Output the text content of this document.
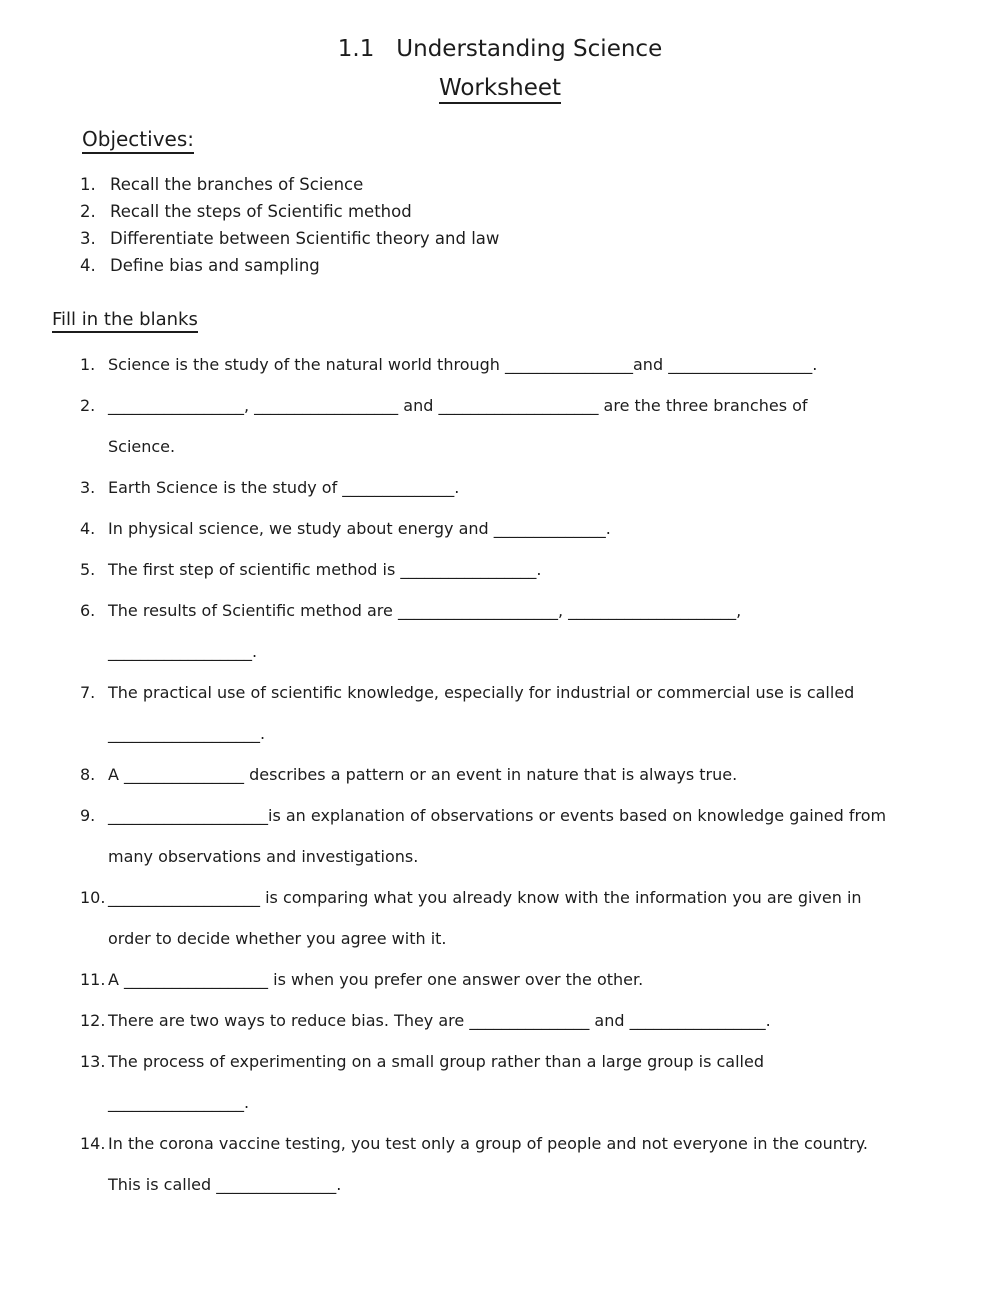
1.1   Understanding Science
Worksheet
Objectives:
1. Recall the branches of Science
2. Recall the steps of Scientific method
3. Differentiate between Scientific theory and law
4. Define bias and sampling
Fill in the blanks
1. Science is the study of the natural world through ________________and __________________.
2. _________________, __________________ and ____________________ are the three branches of
Science.
3. Earth Science is the study of ______________.
4. In physical science, we study about energy and ______________.
5. The first step of scientific method is _________________.
6. The results of Scientific method are ____________________, _____________________,
__________________.
7. The practical use of scientific knowledge, especially for industrial or commercial use is called
___________________.
8. A _______________ describes a pattern or an event in nature that is always true.
9. ____________________is an explanation of observations or events based on knowledge gained from
many observations and investigations.
10. ___________________ is comparing what you already know with the information you are given in
order to decide whether you agree with it.
11. A __________________ is when you prefer one answer over the other.
12. There are two ways to reduce bias. They are _______________ and _________________.
13. The process of experimenting on a small group rather than a large group is called
_________________.
14. In the corona vaccine testing, you test only a group of people and not everyone in the country.
This is called _______________.
